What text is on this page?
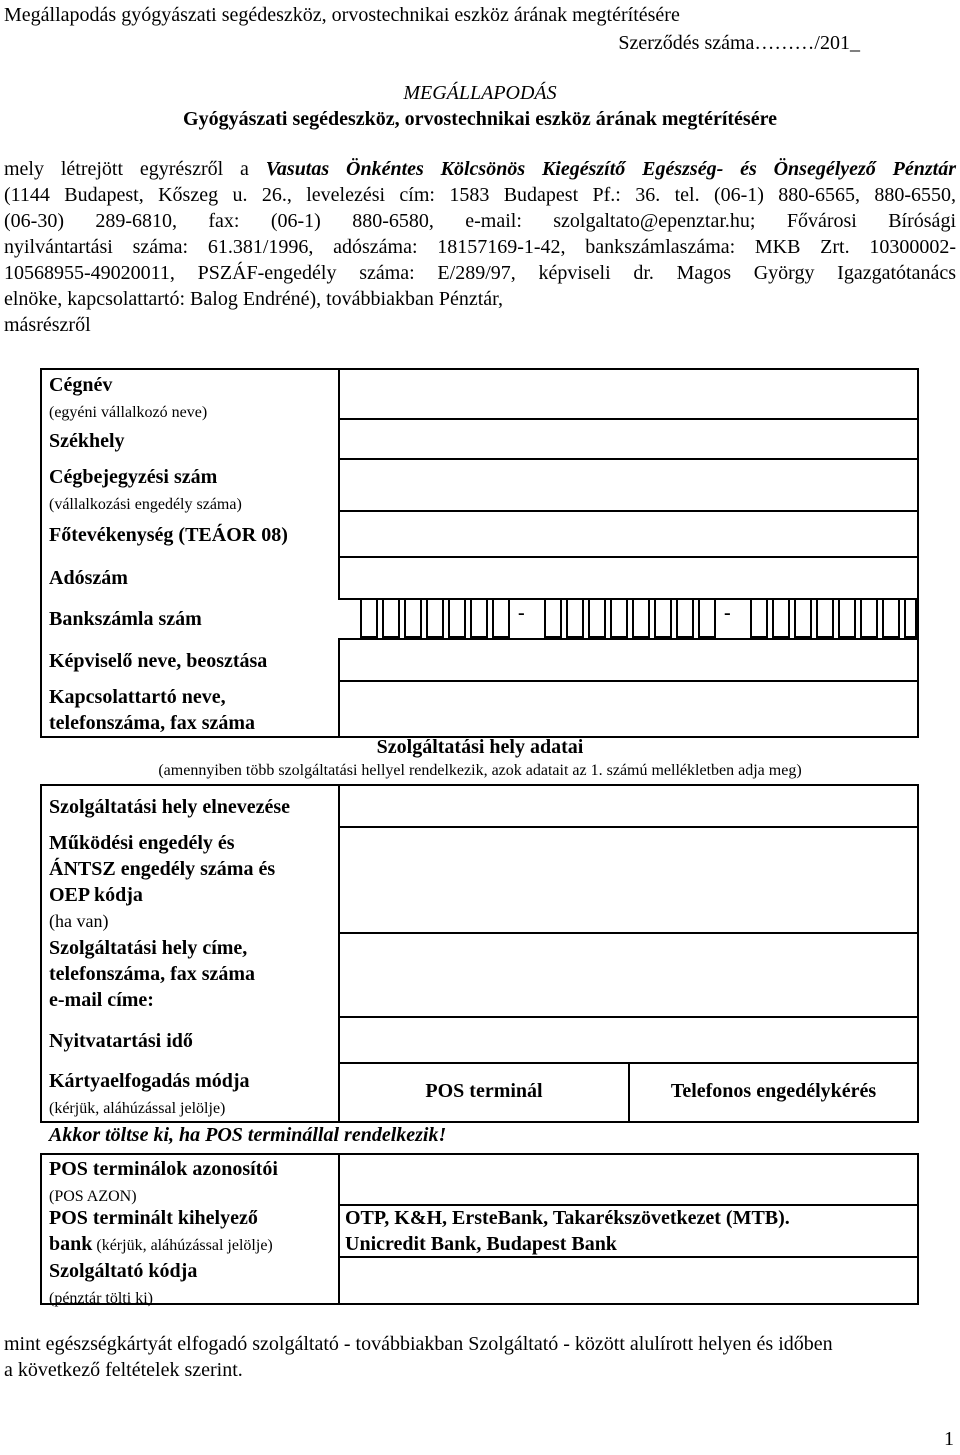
Megállapodás gyógyászati segédeszköz, orvostechnikai eszköz árának megtérítésére
Szerződés száma………/201_
MEGÁLLAPODÁS
Gyógyászati segédeszköz, orvostechnikai eszköz árának megtérítésére
mely létrejött egyrészről a Vasutas Önkéntes Kölcsönös Kiegészítő Egészség- és Önsegélyező Pénztár
(1144 Budapest, Kőszeg u. 26., levelezési cím: 1583 Budapest Pf.: 36. tel. (06-1) 880-6565, 880-6550,
(06-30) 289-6810, fax: (06-1) 880-6580, e-mail: szolgaltato@epenztar.hu; Fővárosi Bírósági
nyilvántartási száma: 61.381/1996, adószáma: 18157169-1-42, bankszámlaszáma: MKB Zrt. 10300002-
10568955-49020011, PSZÁF-engedély száma: E/289/97, képviseli dr. Magos György Igazgatótanács
elnöke, kapcsolattartó: Balog Endréné), továbbiakban Pénztár,
másrészről
Cégnév
(egyéni vállalkozó neve)
Székhely
Cégbejegyzési szám
(vállalkozási engedély száma)
Főtevékenység (TEÁOR 08)
Adószám
Bankszámla szám	-	-
Képviselő neve, beosztása
Kapcsolattartó neve,
telefonszáma, fax száma
Szolgáltatási hely adatai
(amennyiben több szolgáltatási hellyel rendelkezik, azok adatait az 1. számú mellékletben adja meg)
Szolgáltatási hely elnevezése
Működési engedély és
ÁNTSZ engedély száma és
OEP kódja
(ha van)
Szolgáltatási hely címe,
telefonszáma, fax száma
e-mail címe:
Nyitvatartási idő
Kártyaelfogadás módja
(kérjük, aláhúzással jelölje)
POS terminál	Telefonos engedélykérés
Akkor töltse ki, ha POS terminállal rendelkezik!
POS terminálok azonosítói
(POS AZON)
POS terminált kihelyező
bank (kérjük, aláhúzással jelölje)
OTP, K&H, ErsteBank, Takarékszövetkezet (MTB).
Unicredit Bank, Budapest Bank
Szolgáltató kódja
(pénztár tölti ki)
mint egészségkártyát elfogadó szolgáltató - továbbiakban Szolgáltató - között alulírott helyen és időben
a következő feltételek szerint.
1
